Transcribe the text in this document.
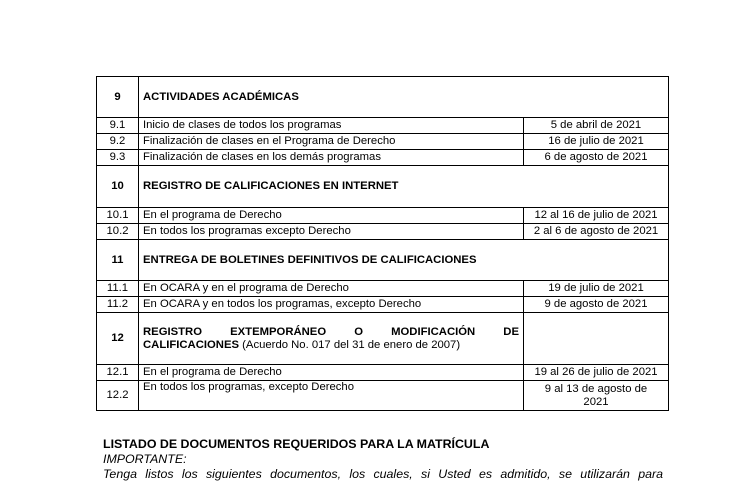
9	ACTIVIDADES ACADÉMICAS	
9.1	Inicio de clases de todos los programas	5 de abril de 2021
9.2	Finalización de clases en el Programa de Derecho	16 de julio de 2021
9.3	Finalización de clases en los demás programas	6 de agosto de 2021
10	REGISTRO DE CALIFICACIONES EN INTERNET	
10.1	En el programa de Derecho	12 al 16 de julio de 2021
10.2	En todos los programas excepto Derecho	2 al 6 de agosto de 2021
11	ENTREGA DE BOLETINES DEFINITIVOS DE CALIFICACIONES	
11.1	En OCARA y en el programa de Derecho	19 de julio de 2021
11.2	En OCARA y en todos los programas, excepto Derecho	9 de agosto de 2021
12	REGISTRO EXTEMPORÁNEO O MODIFICACIÓN DE
CALIFICACIONES (Acuerdo No. 017 del 31 de enero de 2007)	
12.1	En el programa de Derecho	19 al 26 de julio de 2021
12.2	En todos los programas, excepto Derecho	9 al 13 de agosto de
2021
LISTADO DE DOCUMENTOS REQUERIDOS PARA LA MATRÍCULA
IMPORTANTE:
Tenga listos los siguientes documentos, los cuales, si Usted es admitido, se utilizarán para
